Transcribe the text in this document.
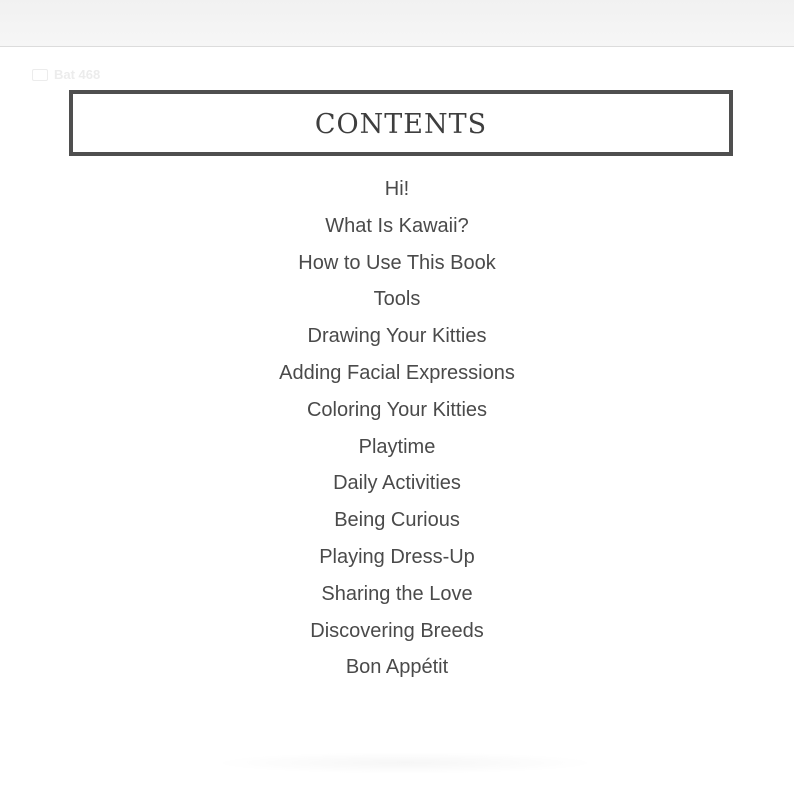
Bat 468
CONTENTS
Hi!
What Is Kawaii?
How to Use This Book
Tools
Drawing Your Kitties
Adding Facial Expressions
Coloring Your Kitties
Playtime
Daily Activities
Being Curious
Playing Dress-Up
Sharing the Love
Discovering Breeds
Bon Appétit
